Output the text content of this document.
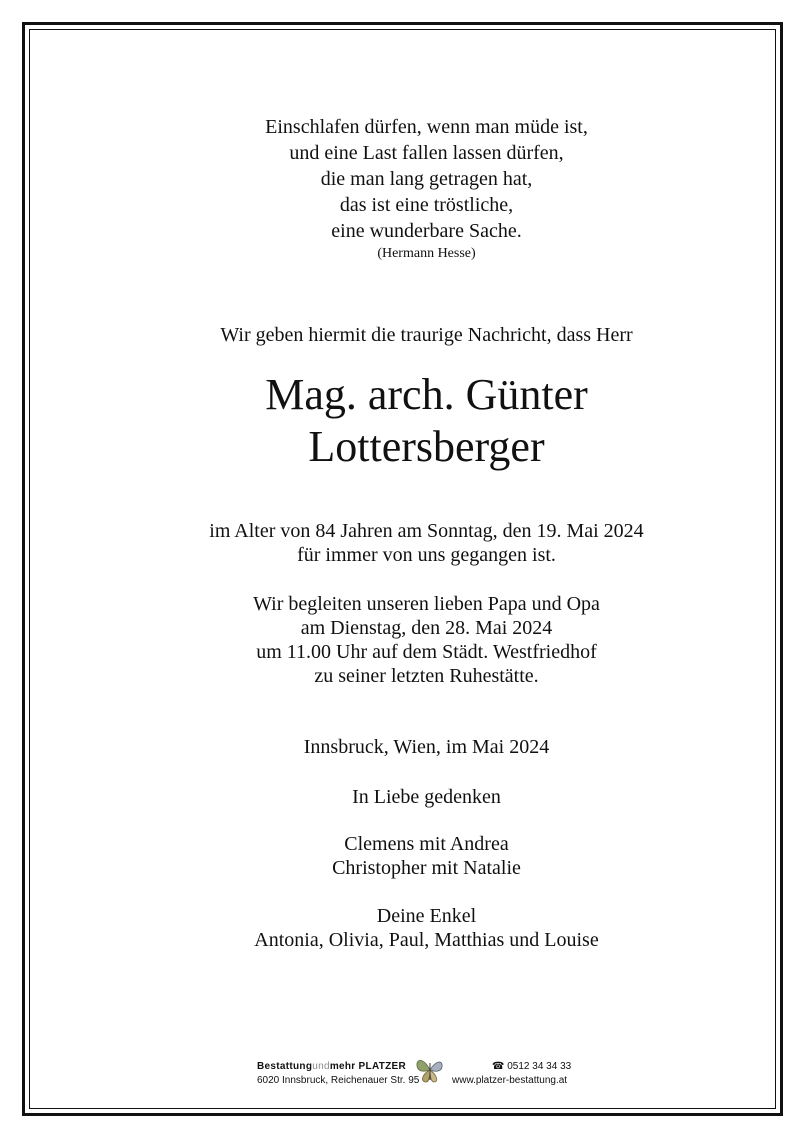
Einschlafen dürfen, wenn man müde ist,
und eine Last fallen lassen dürfen,
die man lang getragen hat,
das ist eine tröstliche,
eine wunderbare Sache.
(Hermann Hesse)
Wir geben hiermit die traurige Nachricht, dass Herr
Mag. arch. Günter
Lottersberger
im Alter von 84 Jahren am Sonntag, den 19. Mai 2024
für immer von uns gegangen ist.
Wir begleiten unseren lieben Papa und Opa
am Dienstag, den 28. Mai 2024
um 11.00 Uhr auf dem Städt. Westfriedhof
zu seiner letzten Ruhestätte.
Innsbruck, Wien, im Mai 2024
In Liebe gedenken
Clemens mit Andrea
Christopher mit Natalie
Deine Enkel
Antonia, Olivia, Paul, Matthias und Louise
Bestattungundmehr PLATZER
6020 Innsbruck, Reichenauer Str. 95
☎ 0512 34 34 33
www.platzer-bestattung.at
